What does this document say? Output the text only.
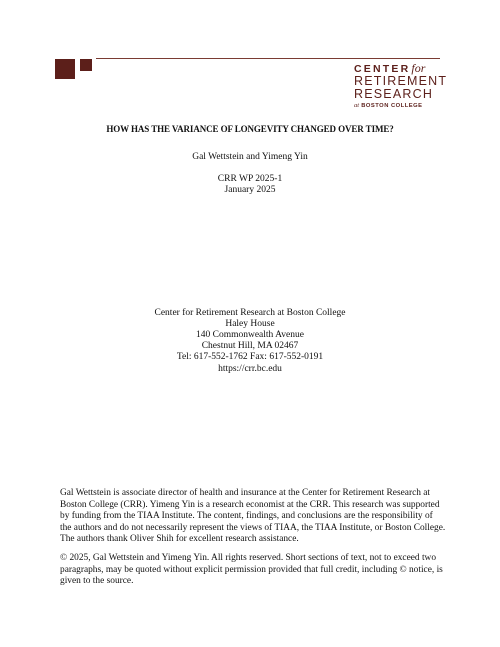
CENTERfor
RETIREMENT
RESEARCH
at BOSTON COLLEGE
HOW HAS THE VARIANCE OF LONGEVITY CHANGED OVER TIME?
Gal Wettstein and Yimeng Yin
CRR WP 2025-1
January 2025
Center for Retirement Research at Boston College
Haley House
140 Commonwealth Avenue
Chestnut Hill, MA 02467
Tel: 617-552-1762 Fax: 617-552-0191
https://crr.bc.edu
Gal Wettstein is associate director of health and insurance at the Center for Retirement Research at Boston College (CRR). Yimeng Yin is a research economist at the CRR. This research was supported by funding from the TIAA Institute. The content, findings, and conclusions are the responsibility of the authors and do not necessarily represent the views of TIAA, the TIAA Institute, or Boston College. The authors thank Oliver Shih for excellent research assistance.
© 2025, Gal Wettstein and Yimeng Yin. All rights reserved. Short sections of text, not to exceed two paragraphs, may be quoted without explicit permission provided that full credit, including © notice, is given to the source.
